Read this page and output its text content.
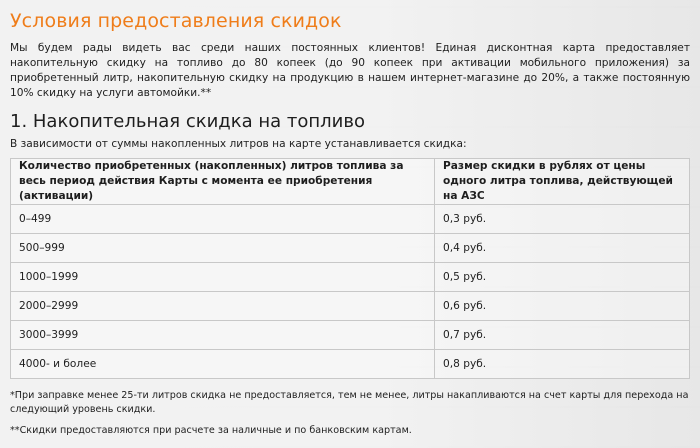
Условия предоставления скидок

Мы будем рады видеть вас среди наших постоянных клиентов! Единая дисконтная карта предоставляет накопительную скидку на топливо до 80 копеек (до 90 копеек при активации мобильного приложения) за приобретенный литр, накопительную скидку на продукцию в нашем интернет-магазине до 20%, а также постоянную 10% скидку на услуги автомойки.**

1. Накопительная скидка на топливо

В зависимости от суммы накопленных литров на карте устанавливается скидка:

Количество приобретенных (накопленных) литров топлива за весь период действия Карты с момента ее приобретения (активации)	Размер скидки в рублях от цены одного литра топлива, действующей на АЗС
0–499	0,3 руб.
500–999	0,4 руб.
1000–1999	0,5 руб.
2000–2999	0,6 руб.
3000–3999	0,7 руб.
4000- и более	0,8 руб.

*При заправке менее 25-ти литров скидка не предоставляется, тем не менее, литры накапливаются на счет карты для перехода на следующий уровень скидки.

**Скидки предоставляются при расчете за наличные и по банковским картам.
